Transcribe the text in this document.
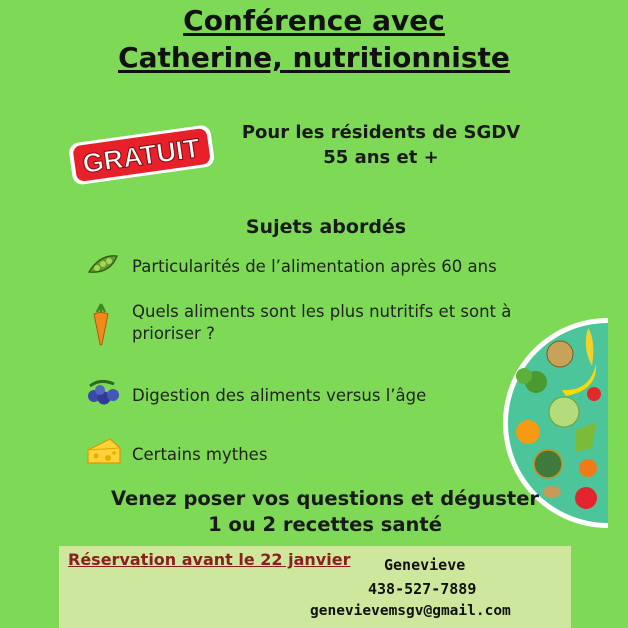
Conférence avec
Catherine, nutritionniste
GRATUIT
Pour les résidents de SGDV
55 ans et +
Sujets abordés
Particularités de l’alimentation après 60 ans
Quels aliments sont les plus nutritifs et sont à prioriser ?
Digestion des aliments versus l’âge
Certains mythes
Venez poser vos questions et déguster
1 ou 2 recettes santé
Réservation avant le 22 janvier Genevieve
438-527-7889
genevievemsgv@gmail.com
